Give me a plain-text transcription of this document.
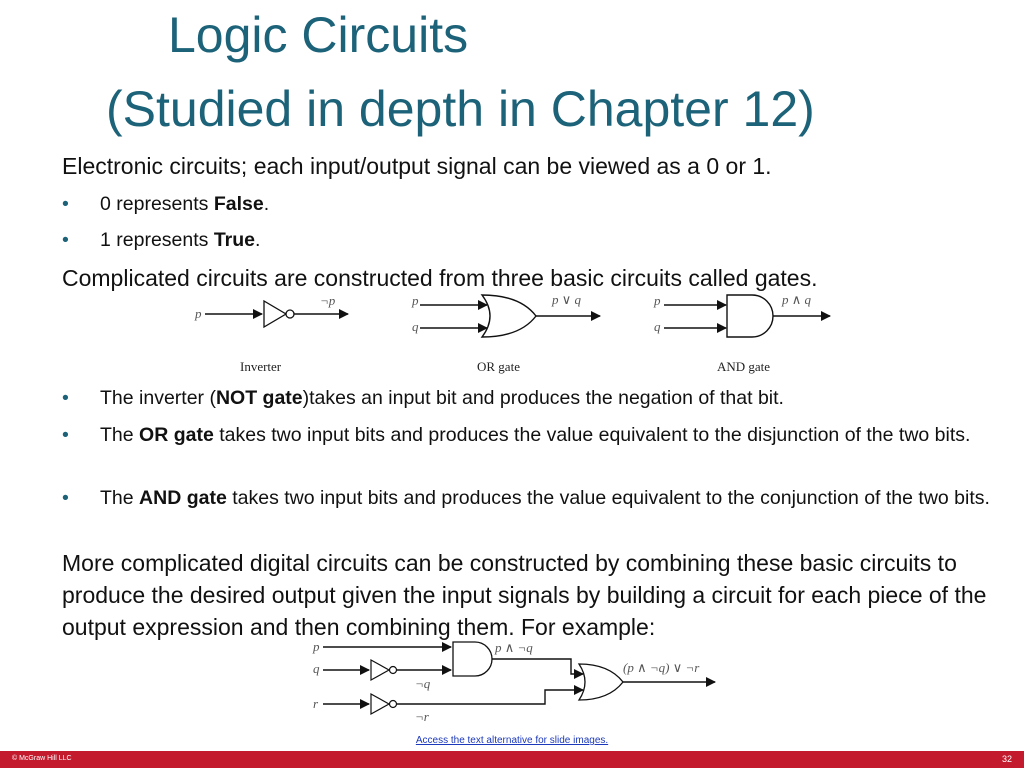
Logic Circuits
(Studied in depth in Chapter 12)

Electronic circuits; each input/output signal can be viewed as a 0 or 1.

•	0 represents False.
•	1 represents True.

Complicated circuits are constructed from three basic circuits called gates.

p
¬p
Inverter
p
q
p ∨ q
OR gate
p
q
p ∧ q
AND gate
•	The inverter (NOT gate)takes an input bit and produces the negation of that bit.
•	The OR gate takes two input bits and produces the value equivalent to the disjunction of the two bits.
•	The AND gate takes two input bits and produces the value equivalent to the conjunction of the two bits.

More complicated digital circuits can be constructed by combining these basic circuits to produce the desired output given the input signals by building a circuit for each piece of the output expression and then combining them. For example:

p
q
r
¬q
p ∧ ¬q
¬r
(p ∧ ¬q) ∨ ¬r
Access the text alternative for slide images.
© McGraw Hill LLC	32
